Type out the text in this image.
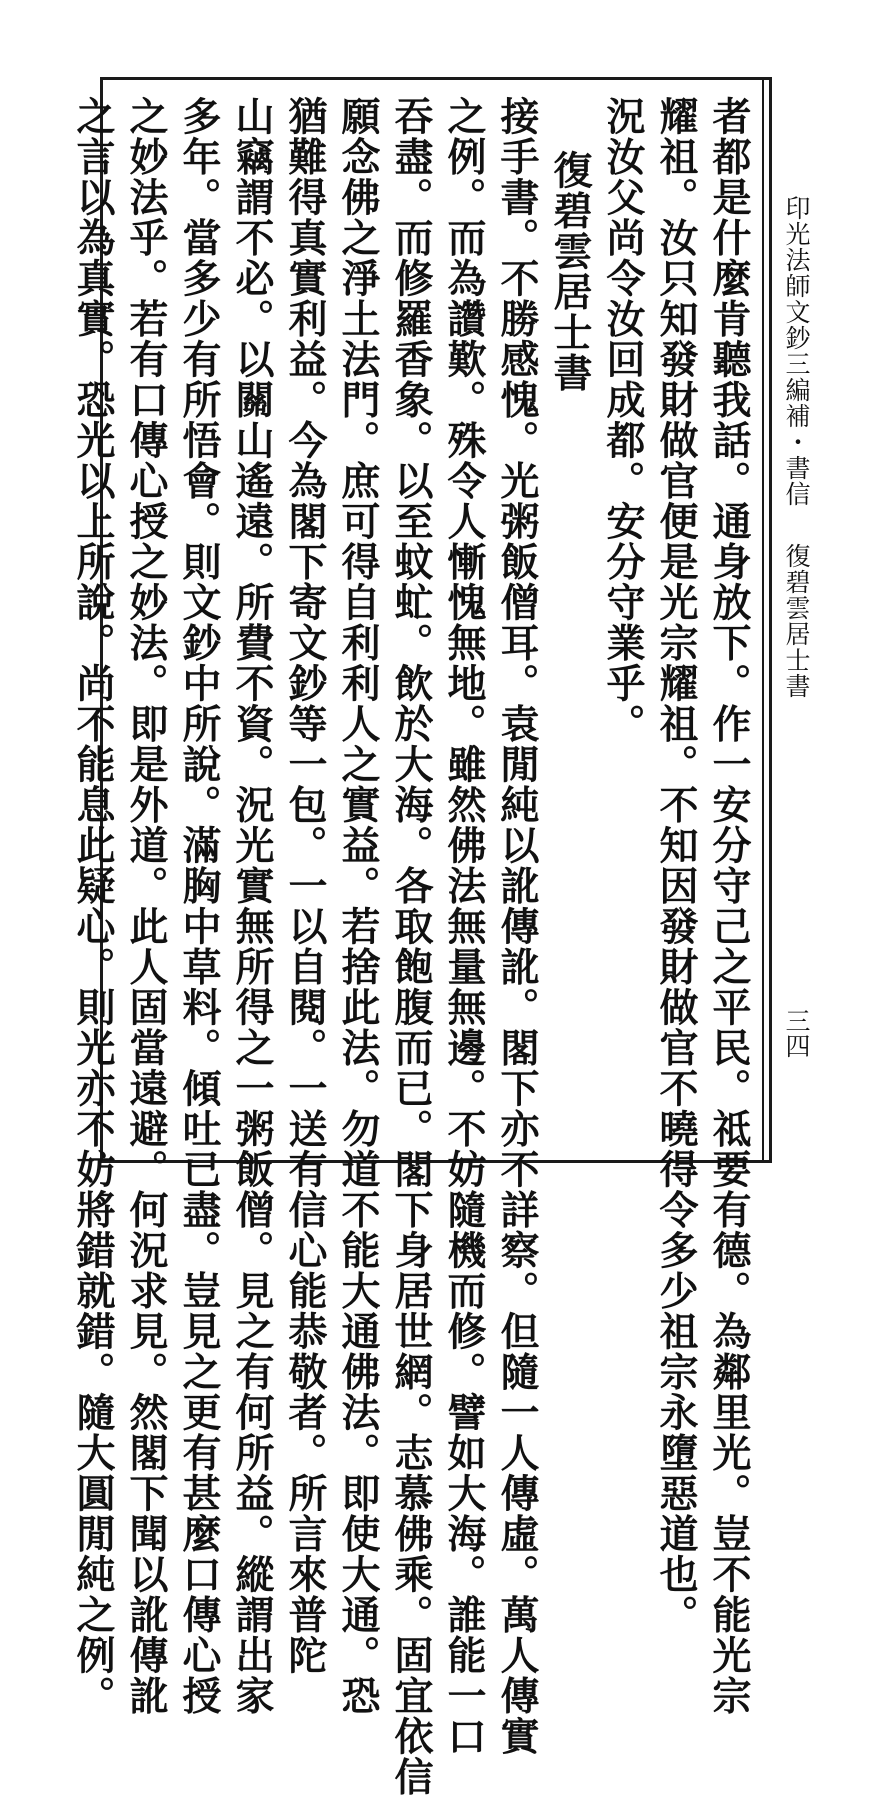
印光法師文鈔三編補・書信復碧雲居士書
三四
者都是什麼肯聽我話。通身放下。作一安分守己之平民。祗要有德。為鄰里光。豈不能光宗
耀祖。汝只知發財做官便是光宗耀祖。不知因發財做官不曉得令多少祖宗永墮惡道也。
況汝父尚令汝回成都。安分守業乎。
復碧雲居士書
接手書。不勝感愧。光粥飯僧耳。袁閒純以訛傳訛。閣下亦不詳察。但隨一人傳虛。萬人傳實
之例。而為讚歎。殊令人慚愧無地。雖然佛法無量無邊。不妨隨機而修。譬如大海。誰能一口
吞盡。而修羅香象。以至蚊虻。飲於大海。各取飽腹而已。閣下身居世網。志慕佛乘。固宜依信
願念佛之淨土法門。庶可得自利利人之實益。若捨此法。勿道不能大通佛法。即使大通。恐
猶難得真實利益。今為閣下寄文鈔等一包。一以自閱。一送有信心能恭敬者。所言來普陀
山竊謂不必。以關山遙遠。所費不資。況光實無所得之一粥飯僧。見之有何所益。縱謂出家
多年。當多少有所悟會。則文鈔中所說。滿胸中草料。傾吐已盡。豈見之更有甚麼口傳心授
之妙法乎。若有口傳心授之妙法。即是外道。此人固當遠避。何況求見。然閣下聞以訛傳訛
之言以為真實。恐光以上所說。尚不能息此疑心。則光亦不妨將錯就錯。隨大圓閒純之例。
